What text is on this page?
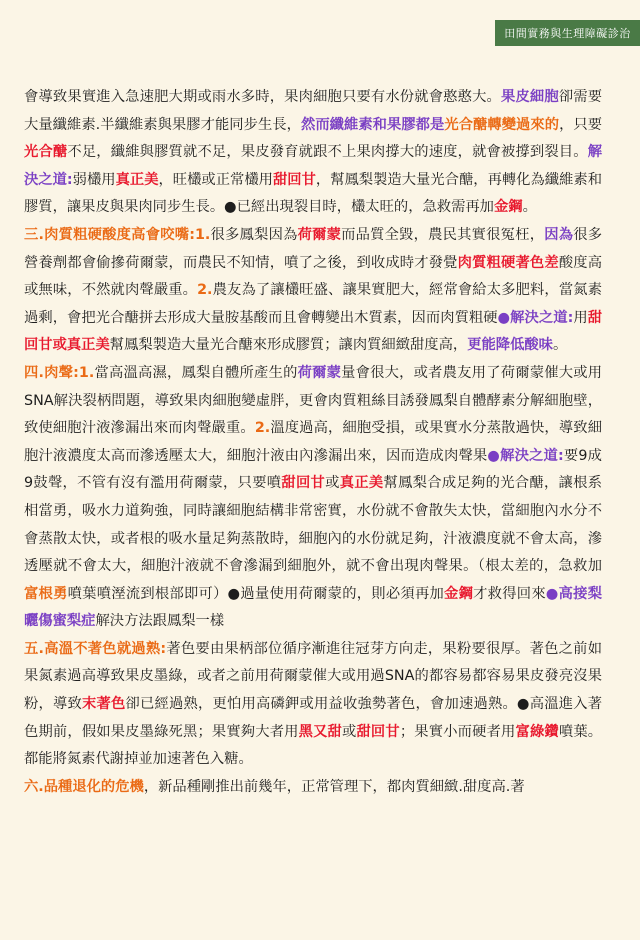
田間實務與生理障礙診治

會導致果實進入急速肥大期或雨水多時，果肉細胞只要有水份就會憨憨大。果皮細胞卻需要大量纖維素.半纖維素與果膠才能同步生長，然而纖維素和果膠都是光合醣轉變過來的，只要光合醣不足，纖維與膠質就不足，果皮發育就跟不上果肉撐大的速度，就會被撐到裂目。解決之道:弱欉用真正美，旺欉或正常欉用甜回甘，幫鳳梨製造大量光合醣，再轉化為纖維素和膠質，讓果皮與果肉同步生長。●已經出現裂目時，欉太旺的，急救需再加金鋼。

三.肉質粗硬酸度高會咬嘴:1.很多鳳梨因為荷爾蒙而品質全毀，農民其實很冤枉，因為很多營養劑都會偷摻荷爾蒙，而農民不知情，噴了之後，到收成時才發覺肉質粗硬著色差酸度高或無味，不然就肉聲嚴重。2.農友為了讓欉旺盛、讓果實肥大，經常會給太多肥料，當氮素過剩，會把光合醣拼去形成大量胺基酸而且會轉變出木質素，因而肉質粗硬●解決之道:用甜回甘或真正美幫鳳梨製造大量光合醣來形成膠質；讓肉質細緻甜度高，更能降低酸味。

四.肉聲:1.當高溫高濕，鳳梨自體所產生的荷爾蒙量會很大，或者農友用了荷爾蒙催大或用SNA解決裂柄問題，導致果肉細胞變虛胖，更會肉質粗絲目誘發鳳梨自體酵素分解細胞壁，致使細胞汁液滲漏出來而肉聲嚴重。2.溫度過高，細胞受損，或果實水分蒸散過快，導致細胞汁液濃度太高而滲透壓太大，細胞汁液由內滲漏出來，因而造成肉聲果●解決之道:要9成9鼓聲，不管有沒有濫用荷爾蒙，只要噴甜回甘或真正美幫鳳梨合成足夠的光合醣，讓根系相當勇，吸水力道夠強，同時讓細胞結構非常密實，水份就不會散失太快，當細胞內水分不會蒸散太快，或者根的吸水量足夠蒸散時，細胞內的水份就足夠，汁液濃度就不會太高，滲透壓就不會太大，細胞汁液就不會滲漏到細胞外，就不會出現肉聲果。（根太差的，急救加富根勇噴葉噴溼流到根部即可）●過量使用荷爾蒙的，則必須再加金鋼才救得回來●高接梨曬傷蜜梨症解決方法跟鳳梨一樣

五.高溫不著色就過熟:著色要由果柄部位循序漸進往冠芽方向走，果粉要很厚。著色之前如果氮素過高導致果皮墨綠，或者之前用荷爾蒙催大或用過SNA的都容易都容易果皮發亮沒果粉，導致末著色卻已經過熟，更怕用高磷鉀或用益收強勢著色，會加速過熟。●高溫進入著色期前，假如果皮墨綠死黑；果實夠大者用黑又甜或甜回甘；果實小而硬者用富綠鑽噴葉。都能將氮素代謝掉並加速著色入糖。

六.品種退化的危機，新品種剛推出前幾年，正常管理下，都肉質細緻.甜度高.著
